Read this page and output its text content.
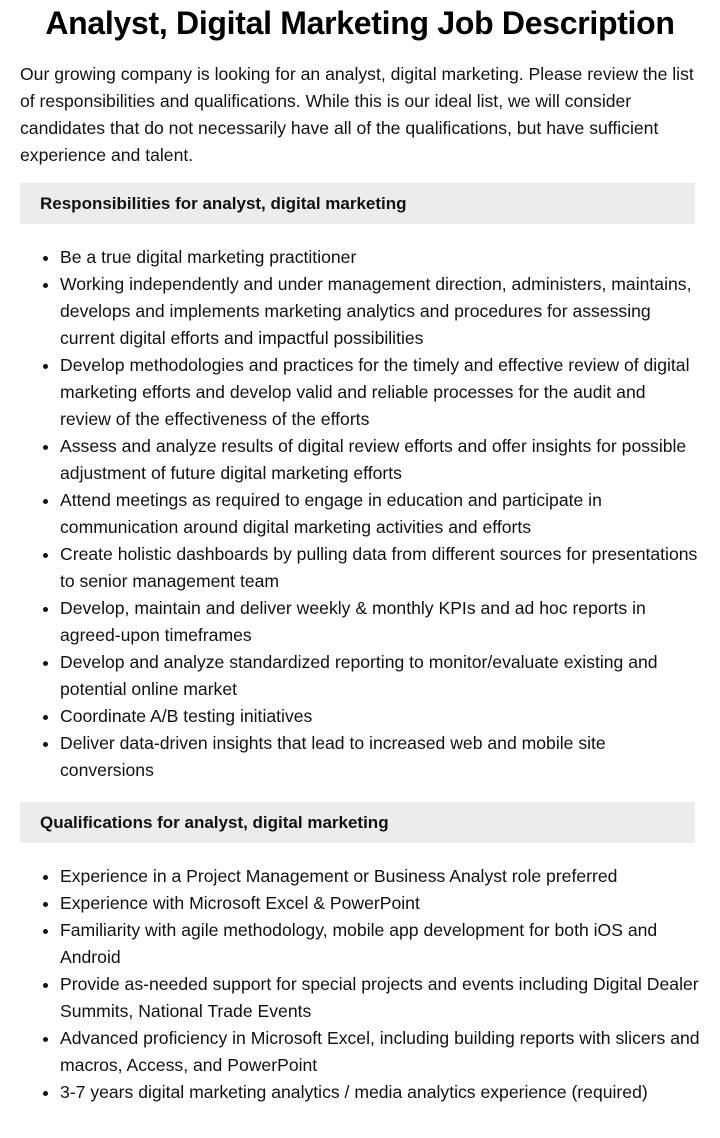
Analyst, Digital Marketing Job Description

Our growing company is looking for an analyst, digital marketing. Please review the list of responsibilities and qualifications. While this is our ideal list, we will consider candidates that do not necessarily have all of the qualifications, but have sufficient experience and talent.

Responsibilities for analyst, digital marketing
• Be a true digital marketing practitioner
• Working independently and under management direction, administers, maintains, develops and implements marketing analytics and procedures for assessing current digital efforts and impactful possibilities
• Develop methodologies and practices for the timely and effective review of digital marketing efforts and develop valid and reliable processes for the audit and review of the effectiveness of the efforts
• Assess and analyze results of digital review efforts and offer insights for possible adjustment of future digital marketing efforts
• Attend meetings as required to engage in education and participate in communication around digital marketing activities and efforts
• Create holistic dashboards by pulling data from different sources for presentations to senior management team
• Develop, maintain and deliver weekly & monthly KPIs and ad hoc reports in agreed-upon timeframes
• Develop and analyze standardized reporting to monitor/evaluate existing and potential online market
• Coordinate A/B testing initiatives
• Deliver data-driven insights that lead to increased web and mobile site conversions
Qualifications for analyst, digital marketing
• Experience in a Project Management or Business Analyst role preferred
• Experience with Microsoft Excel & PowerPoint
• Familiarity with agile methodology, mobile app development for both iOS and Android
• Provide as-needed support for special projects and events including Digital Dealer Summits, National Trade Events
• Advanced proficiency in Microsoft Excel, including building reports with slicers and macros, Access, and PowerPoint
• 3-7 years digital marketing analytics / media analytics experience (required)
